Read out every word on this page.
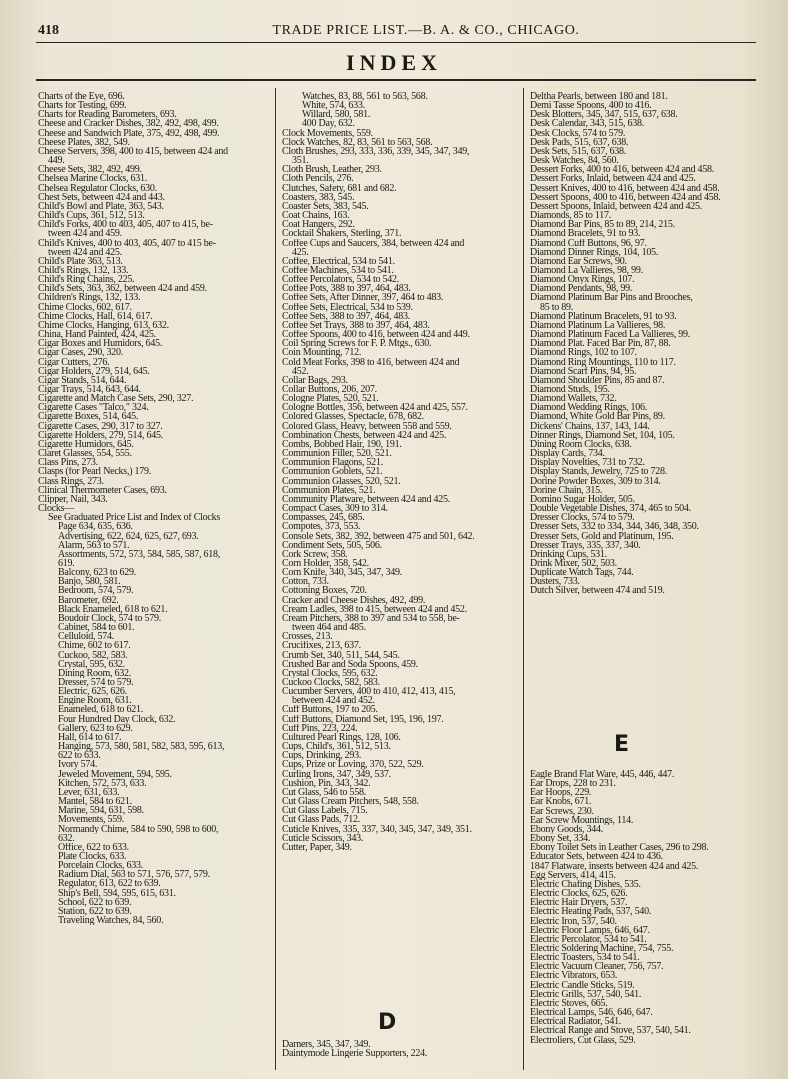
418	TRADE PRICE LIST.—B. A. & CO., CHICAGO.
INDEX
Charts of the Eye, 696.
Charts for Testing, 699.
Charts for Reading Barometers, 693.
Cheese and Cracker Dishes, 382, 492, 498, 499.
Cheese and Sandwich Plate, 375, 492, 498, 499.
Cheese Plates, 382, 549.
Cheese Servers, 398, 400 to 415, between 424 and
449.
Cheese Sets, 382, 492, 499.
Chelsea Marine Clocks, 631.
Chelsea Regulator Clocks, 630.
Chest Sets, between 424 and 443.
Child's Bowl and Plate, 363, 543.
Child's Cups, 361, 512, 513.
Child's Forks, 400 to 403, 405, 407 to 415, be-
tween 424 and 459.
Child's Knives, 400 to 403, 405, 407 to 415 be-
tween 424 and 425.
Child's Plate 363, 513.
Child's Rings, 132, 133.
Child's Ring Chains, 225.
Child's Sets, 363, 362, between 424 and 459.
Children's Rings, 132, 133.
Chime Clocks, 602, 617.
Chime Clocks, Hall, 614, 617.
Chime Clocks, Hanging, 613, 632.
China, Hand Painted, 424, 425.
Cigar Boxes and Humidors, 645.
Cigar Cases, 290, 320.
Cigar Cutters, 276.
Cigar Holders, 279, 514, 645.
Cigar Stands, 514, 644.
Cigar Trays, 514, 643, 644.
Cigarette and Match Case Sets, 290, 327.
Cigarette Cases "Talco," 324.
Cigarette Boxes, 514, 645.
Cigarette Cases, 290, 317 to 327.
Cigarette Holders, 279, 514, 645.
Cigarette Humidors, 645.
Claret Glasses, 554, 555.
Class Pins, 273.
Clasps (for Pearl Necks,) 179.
Class Rings, 273.
Clinical Thermometer Cases, 693.
Clipper, Nail, 343.
Clocks—
See Graduated Price List and Index of Clocks
Page 634, 635, 636.
Advertising, 622, 624, 625, 627, 693.
Alarm, 563 to 571.
Assortments, 572, 573, 584, 585, 587, 618,
619.
Balcony, 623 to 629.
Banjo, 580, 581.
Bedroom, 574, 579.
Barometer, 692.
Black Enameled, 618 to 621.
Boudoir Clock, 574 to 579.
Cabinet, 584 to 601.
Celluloid, 574.
Chime, 602 to 617.
Cuckoo, 582, 583.
Crystal, 595, 632.
Dining Room, 632.
Dresser, 574 to 579.
Electric, 625, 626.
Engine Room, 631.
Enameled, 618 to 621.
Four Hundred Day Clock, 632.
Gallery, 623 to 629.
Hall, 614 to 617.
Hanging, 573, 580, 581, 582, 583, 595, 613,
622 to 633.
Ivory 574.
Jeweled Movement, 594, 595.
Kitchen, 572, 573, 633.
Lever, 631, 633.
Mantel, 584 to 621.
Marine, 594, 631, 598.
Movements, 559.
Normandy Chime, 584 to 590, 598 to 600,
632.
Office, 622 to 633.
Plate Clocks, 633.
Porcelain Clocks, 633.
Radium Dial, 563 to 571, 576, 577, 579.
Regulator, 613, 622 to 639.
Ship's Bell, 594, 595, 615, 631.
School, 622 to 639.
Station, 622 to 639.
Traveling Watches, 84, 560.
Watches, 83, 88, 561 to 563, 568.
White, 574, 633.
Willard, 580, 581.
400 Day, 632.
Clock Movements, 559.
Clock Watches, 82, 83, 561 to 563, 568.
Cloth Brushes, 293, 333, 336, 339, 345, 347, 349,
351.
Cloth Brush, Leather, 293.
Cloth Pencils, 276.
Clutches, Safety, 681 and 682.
Coasters, 383, 545.
Coaster Sets, 383, 545.
Coat Chains, 163.
Coat Hangers, 292.
Cocktail Shakers, Sterling, 371.
Coffee Cups and Saucers, 384, between 424 and
425.
Coffee, Electrical, 534 to 541.
Coffee Machines, 534 to 541.
Coffee Percolators, 534 to 542.
Coffee Pots, 388 to 397, 464, 483.
Coffee Sets, After Dinner, 397, 464 to 483.
Coffee Sets, Electrical, 534 to 539.
Coffee Sets, 388 to 397, 464, 483.
Coffee Set Trays, 388 to 397, 464, 483.
Coffee Spoons, 400 to 416, between 424 and 449.
Coil Spring Screws for F. P. Mtgs., 630.
Coin Mounting, 712.
Cold Meat Forks, 398 to 416, between 424 and
452.
Collar Bags, 293.
Collar Buttons, 206, 207.
Cologne Plates, 520, 521.
Cologne Bottles, 356, between 424 and 425, 557.
Colored Glasses, Spectacle, 678, 682.
Colored Glass, Heavy, between 558 and 559.
Combination Chests, between 424 and 425.
Combs, Bobbed Hair, 190, 191.
Communion Filler, 520, 521.
Communion Flagons, 521.
Communion Goblets, 521.
Communion Glasses, 520, 521.
Communion Plates, 521.
Community Platware, between 424 and 425.
Compact Cases, 309 to 314.
Compasses, 245, 685.
Compotes, 373, 553.
Console Sets, 382, 392, between 475 and 501, 642.
Condiment Sets, 505, 506.
Cork Screw, 358.
Corn Holder, 358, 542.
Corn Knife, 340, 345, 347, 349.
Cotton, 733.
Cottoning Boxes, 720.
Cracker and Cheese Dishes, 492, 499.
Cream Ladles, 398 to 415, between 424 and 452.
Cream Pitchers, 388 to 397 and 534 to 558, be-
tween 464 and 485.
Crosses, 213.
Crucifixes, 213, 637.
Crumb Set, 340, 511, 544, 545.
Crushed Bar and Soda Spoons, 459.
Crystal Clocks, 595, 632.
Cuckoo Clocks, 582, 583.
Cucumber Servers, 400 to 410, 412, 413, 415,
between 424 and 452.
Cuff Buttons, 197 to 205.
Cuff Buttons, Diamond Set, 195, 196, 197.
Cuff Pins, 223, 224.
Cultured Pearl Rings, 128, 106.
Cups, Child's, 361, 512, 513.
Cups, Drinking, 293.
Cups, Prize or Loving, 370, 522, 529.
Curling Irons, 347, 349, 537.
Cushion, Pin, 343, 342.
Cut Glass, 546 to 558.
Cut Glass Cream Pitchers, 548, 558.
Cut Glass Labels, 715.
Cut Glass Pads, 712.
Cuticle Knives, 335, 337, 340, 345, 347, 349, 351.
Cuticle Scissors, 343.
Cutter, Paper, 349.
Darners, 345, 347, 349.
Daintymode Lingerie Supporters, 224.
Deltha Pearls, between 180 and 181.
Demi Tasse Spoons, 400 to 416.
Desk Blotters, 345, 347, 515, 637, 638.
Desk Calendar, 343, 515, 638.
Desk Clocks, 574 to 579.
Desk Pads, 515, 637, 638.
Desk Sets, 515, 637, 638.
Desk Watches, 84, 560.
Dessert Forks, 400 to 416, between 424 and 458.
Dessert Forks, Inlaid, between 424 and 425.
Dessert Knives, 400 to 416, between 424 and 458.
Dessert Spoons, 400 to 416, between 424 and 458.
Dessert Spoons, Inlaid, between 424 and 425.
Diamonds, 85 to 117.
Diamond Bar Pins, 85 to 89, 214, 215.
Diamond Bracelets, 91 to 93.
Diamond Cuff Buttons, 96, 97.
Diamond Dinner Rings, 104, 105.
Diamond Ear Screws, 90.
Diamond La Vallieres, 98, 99.
Diamond Onyx Rings, 107.
Diamond Pendants, 98, 99.
Diamond Platinum Bar Pins and Brooches,
85 to 89.
Diamond Platinum Bracelets, 91 to 93.
Diamond Platinum La Vallieres, 98.
Diamond Platinum Faced La Vallieres, 99.
Diamond Plat. Faced Bar Pin, 87, 88.
Diamond Rings, 102 to 107.
Diamond Ring Mountings, 110 to 117.
Diamond Scarf Pins, 94, 95.
Diamond Shoulder Pins, 85 and 87.
Diamond Studs, 195.
Diamond Wallets, 732.
Diamond Wedding Rings, 106.
Diamond, White Gold Bar Pins, 89.
Dickens' Chains, 137, 143, 144.
Dinner Rings, Diamond Set, 104, 105.
Dining Room Clocks, 638.
Display Cards, 734.
Display Novelties, 731 to 732.
Display Stands, Jewelry, 725 to 728.
Dorine Powder Boxes, 309 to 314.
Dorine Chain, 315.
Domino Sugar Holder, 505.
Double Vegetable Dishes, 374, 465 to 504.
Dresser Clocks, 574 to 579.
Dresser Sets, 332 to 334, 344, 346, 348, 350.
Dresser Sets, Gold and Platinum, 195.
Dresser Trays, 335, 337, 340.
Drinking Cups, 531.
Drink Mixer, 502, 503.
Duplicate Watch Tags, 744.
Dusters, 733.
Dutch Silver, between 474 and 519.
Eagle Brand Flat Ware, 445, 446, 447.
Ear Drops, 228 to 231.
Ear Hoops, 229.
Ear Knobs, 671.
Ear Screws, 230.
Ear Screw Mountings, 114.
Ebony Goods, 344.
Ebony Set, 334.
Ebony Toilet Sets in Leather Cases, 296 to 298.
Educator Sets, between 424 to 436.
1847 Flatware, inserts between 424 and 425.
Egg Servers, 414, 415.
Electric Chafing Dishes, 535.
Electric Clocks, 625, 626.
Electric Hair Dryers, 537.
Electric Heating Pads, 537, 540.
Electric Iron, 537, 540.
Electric Floor Lamps, 646, 647.
Electric Percolator, 534 to 541.
Electric Soldering Machine, 754, 755.
Electric Toasters, 534 to 541.
Electric Vacuum Cleaner, 756, 757.
Electric Vibrators, 653.
Electric Candle Sticks, 519.
Electric Grills, 537, 540, 541.
Electric Stoves, 665.
Electrical Lamps, 546, 646, 647.
Electrical Radiator, 541.
Electrical Range and Stove, 537, 540, 541.
Electroliers, Cut Glass, 529.
D
E
